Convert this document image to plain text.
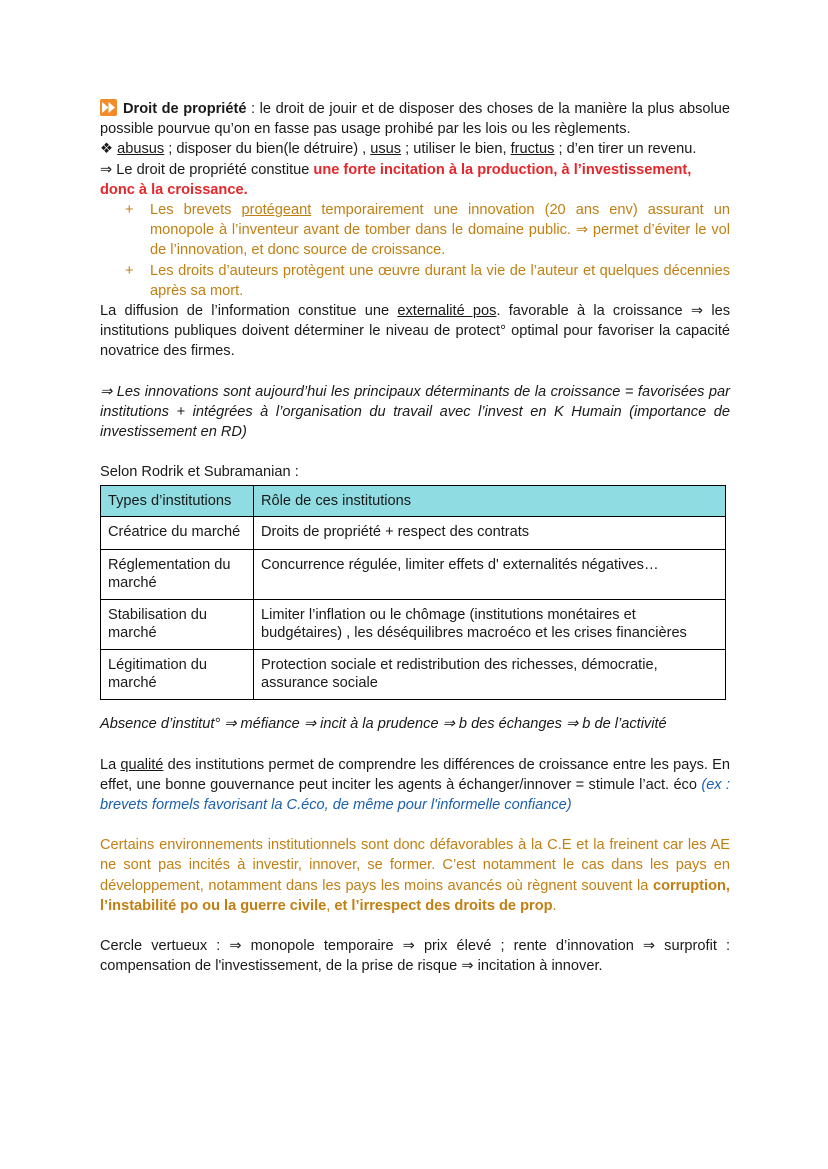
Droit de propriété : le droit de jouir et de disposer des choses de la manière la plus absolue possible pourvue qu’on en fasse pas usage prohibé par les lois ou les règlements.

❖ abusus ; disposer du bien(le détruire) , usus ; utiliser le bien, fructus ; d’en tirer un revenu.

⇒ Le droit de propriété constitue une forte incitation à la production, à l’investissement, donc à la croissance.

+ Les brevets protégeant temporairement une innovation (20 ans env) assurant un monopole à l’inventeur avant de tomber dans le domaine public. ⇒ permet d’éviter le vol de l’innovation, et donc source de croissance.
+ Les droits d’auteurs protègent une œuvre durant la vie de l’auteur et quelques décennies après sa mort.

La diffusion de l’information constitue une externalité pos. favorable à la croissance ⇒ les institutions publiques doivent déterminer le niveau de protect° optimal pour favoriser la capacité novatrice des firmes.

⇒ Les innovations sont aujourd’hui les principaux déterminants de la croissance = favorisées par institutions + intégrées à l’organisation du travail avec l’invest en K Humain (importance de investissement en RD)

Selon Rodrik et Subramanian :

Types d’institutions	Rôle de ces institutions
Créatrice du marché	Droits de propriété + respect des contrats
Réglementation du marché	Concurrence régulée, limiter effets d' externalités négatives…
Stabilisation du marché	Limiter l’inflation ou le chômage (institutions monétaires et budgétaires) , les déséquilibres macroéco et les crises financières
Légitimation du marché	Protection sociale et redistribution des richesses, démocratie, assurance sociale

Absence d’institut° ⇒ méfiance ⇒ incit à la prudence ⇒ b des échanges ⇒ b de l’activité

La qualité des institutions permet de comprendre les différences de croissance entre les pays. En effet, une bonne gouvernance peut inciter les agents à échanger/innover = stimule l’act. éco (ex : brevets formels favorisant la C.éco, de même pour l'informelle confiance)

Certains environnements institutionnels sont donc défavorables à la C.E et la freinent car les AE ne sont pas incités à investir, innover, se former. C’est notamment le cas dans les pays en développement, notamment dans les pays les moins avancés où règnent souvent la corruption, l’instabilité po ou la guerre civile, et l’irrespect des droits de prop.

Cercle vertueux : ⇒ monopole temporaire ⇒ prix élevé ; rente d’innovation ⇒ surprofit : compensation de l'investissement, de la prise de risque ⇒ incitation à innover.
